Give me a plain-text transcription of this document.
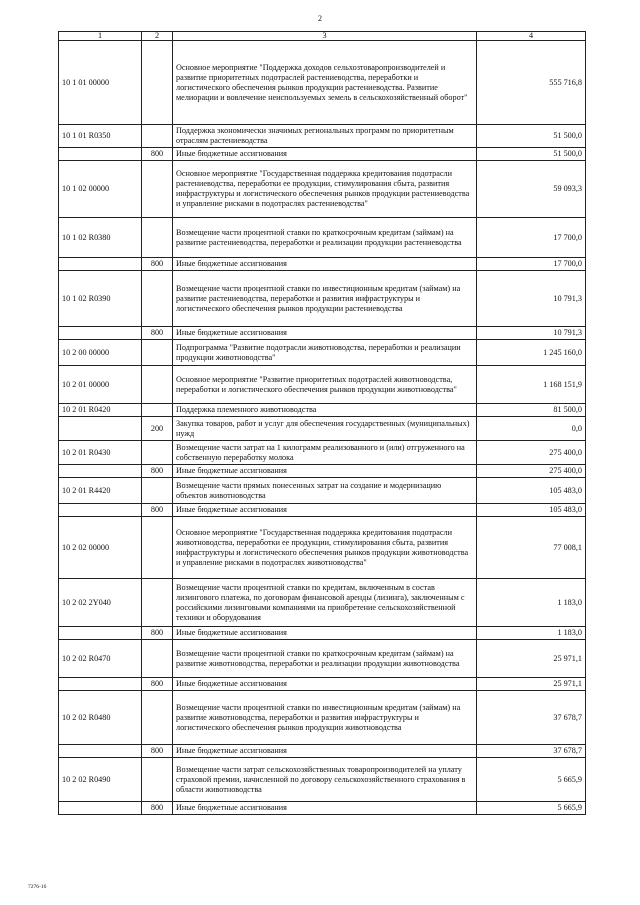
2
1	2	3	4
10 1 01 00000		Основное мероприятие "Поддержка доходов сельхозтоваропроизводителей и развитие приоритетных подотраслей растениеводства, переработки и логистического обеспечения рынков продукции растениеводства. Развитие мелиорации и вовлечение неиспользуемых земель в сельскохозяйственный оборот"	555 716,8
10 1 01 R0350		Поддержка экономически значимых региональных программ по приоритетным отраслям растениеводства	51 500,0
	800	Иные бюджетные ассигнования	51 500,0
10 1 02 00000		Основное мероприятие "Государственная поддержка кредитования подотрасли растениеводства, переработки ее продукции, стимулирования сбыта, развития инфраструктуры и логистического обеспечения рынков продукции растениеводства и управление рисками в подотраслях растениеводства"	59 093,3
10 1 02 R0380		Возмещение части процентной ставки по краткосрочным кредитам (займам) на развитие растениеводства, переработки и реализации продукции растениеводства	17 700,0
	800	Иные бюджетные ассигнования	17 700,0
10 1 02 R0390		Возмещение части процентной ставки по инвестиционным кредитам (займам) на развитие растениеводства, переработки и развития инфраструктуры и логистического обеспечения рынков продукции растениеводства	10 791,3
	800	Иные бюджетные ассигнования	10 791,3
10 2 00 00000		Подпрограмма "Развитие подотрасли животноводства, переработки и реализации продукции животноводства"	1 245 160,0
10 2 01 00000		Основное мероприятие "Развитие приоритетных подотраслей животноводства, переработки и логистического обеспечения рынков продукции животноводства"	1 168 151,9
10 2 01 R0420		Поддержка племенного животноводства	81 500,0
	200	Закупка товаров, работ и услуг для обеспечения государственных (муниципальных) нужд	0,0
10 2 01 R0430		Возмещение части затрат на 1 килограмм реализованного и (или) отгруженного на собственную переработку молока	275 400,0
	800	Иные бюджетные ассигнования	275 400,0
10 2 01 R4420		Возмещение части прямых понесенных затрат на создание и модернизацию объектов животноводства	105 483,0
	800	Иные бюджетные ассигнования	105 483,0
10 2 02 00000		Основное мероприятие "Государственная поддержка кредитования подотрасли животноводства, переработки ее продукции, стимулирования сбыта, развития инфраструктуры и логистического обеспечения рынков продукции животноводства и управление рисками в подотраслях животноводства"	77 008,1
10 2 02 2Y040		Возмещение части процентной ставки по кредитам, включенным в состав лизингового платежа, по договорам финансовой аренды (лизинга), заключенным с российскими лизинговыми компаниями на приобретение сельскохозяйственной техники и оборудования	1 183,0
	800	Иные бюджетные ассигнования	1 183,0
10 2 02 R0470		Возмещение части процентной ставки по краткосрочным кредитам (займам) на развитие животноводства, переработки и реализации продукции животноводства	25 971,1
	800	Иные бюджетные ассигнования	25 971,1
10 2 02 R0480		Возмещение части процентной ставки по инвестиционным кредитам (займам) на развитие животноводства, переработки и развития инфраструктуры и логистического обеспечения рынков продукции животноводства	37 678,7
	800	Иные бюджетные ассигнования	37 678,7
10 2 02 R0490		Возмещение части затрат сельскохозяйственных товаропроизводителей на уплату страховой премии, начисленной по договору сельскохозяйственного страхования в области животноводства	5 665,9
	800	Иные бюджетные ассигнования	5 665,9
7276-16
